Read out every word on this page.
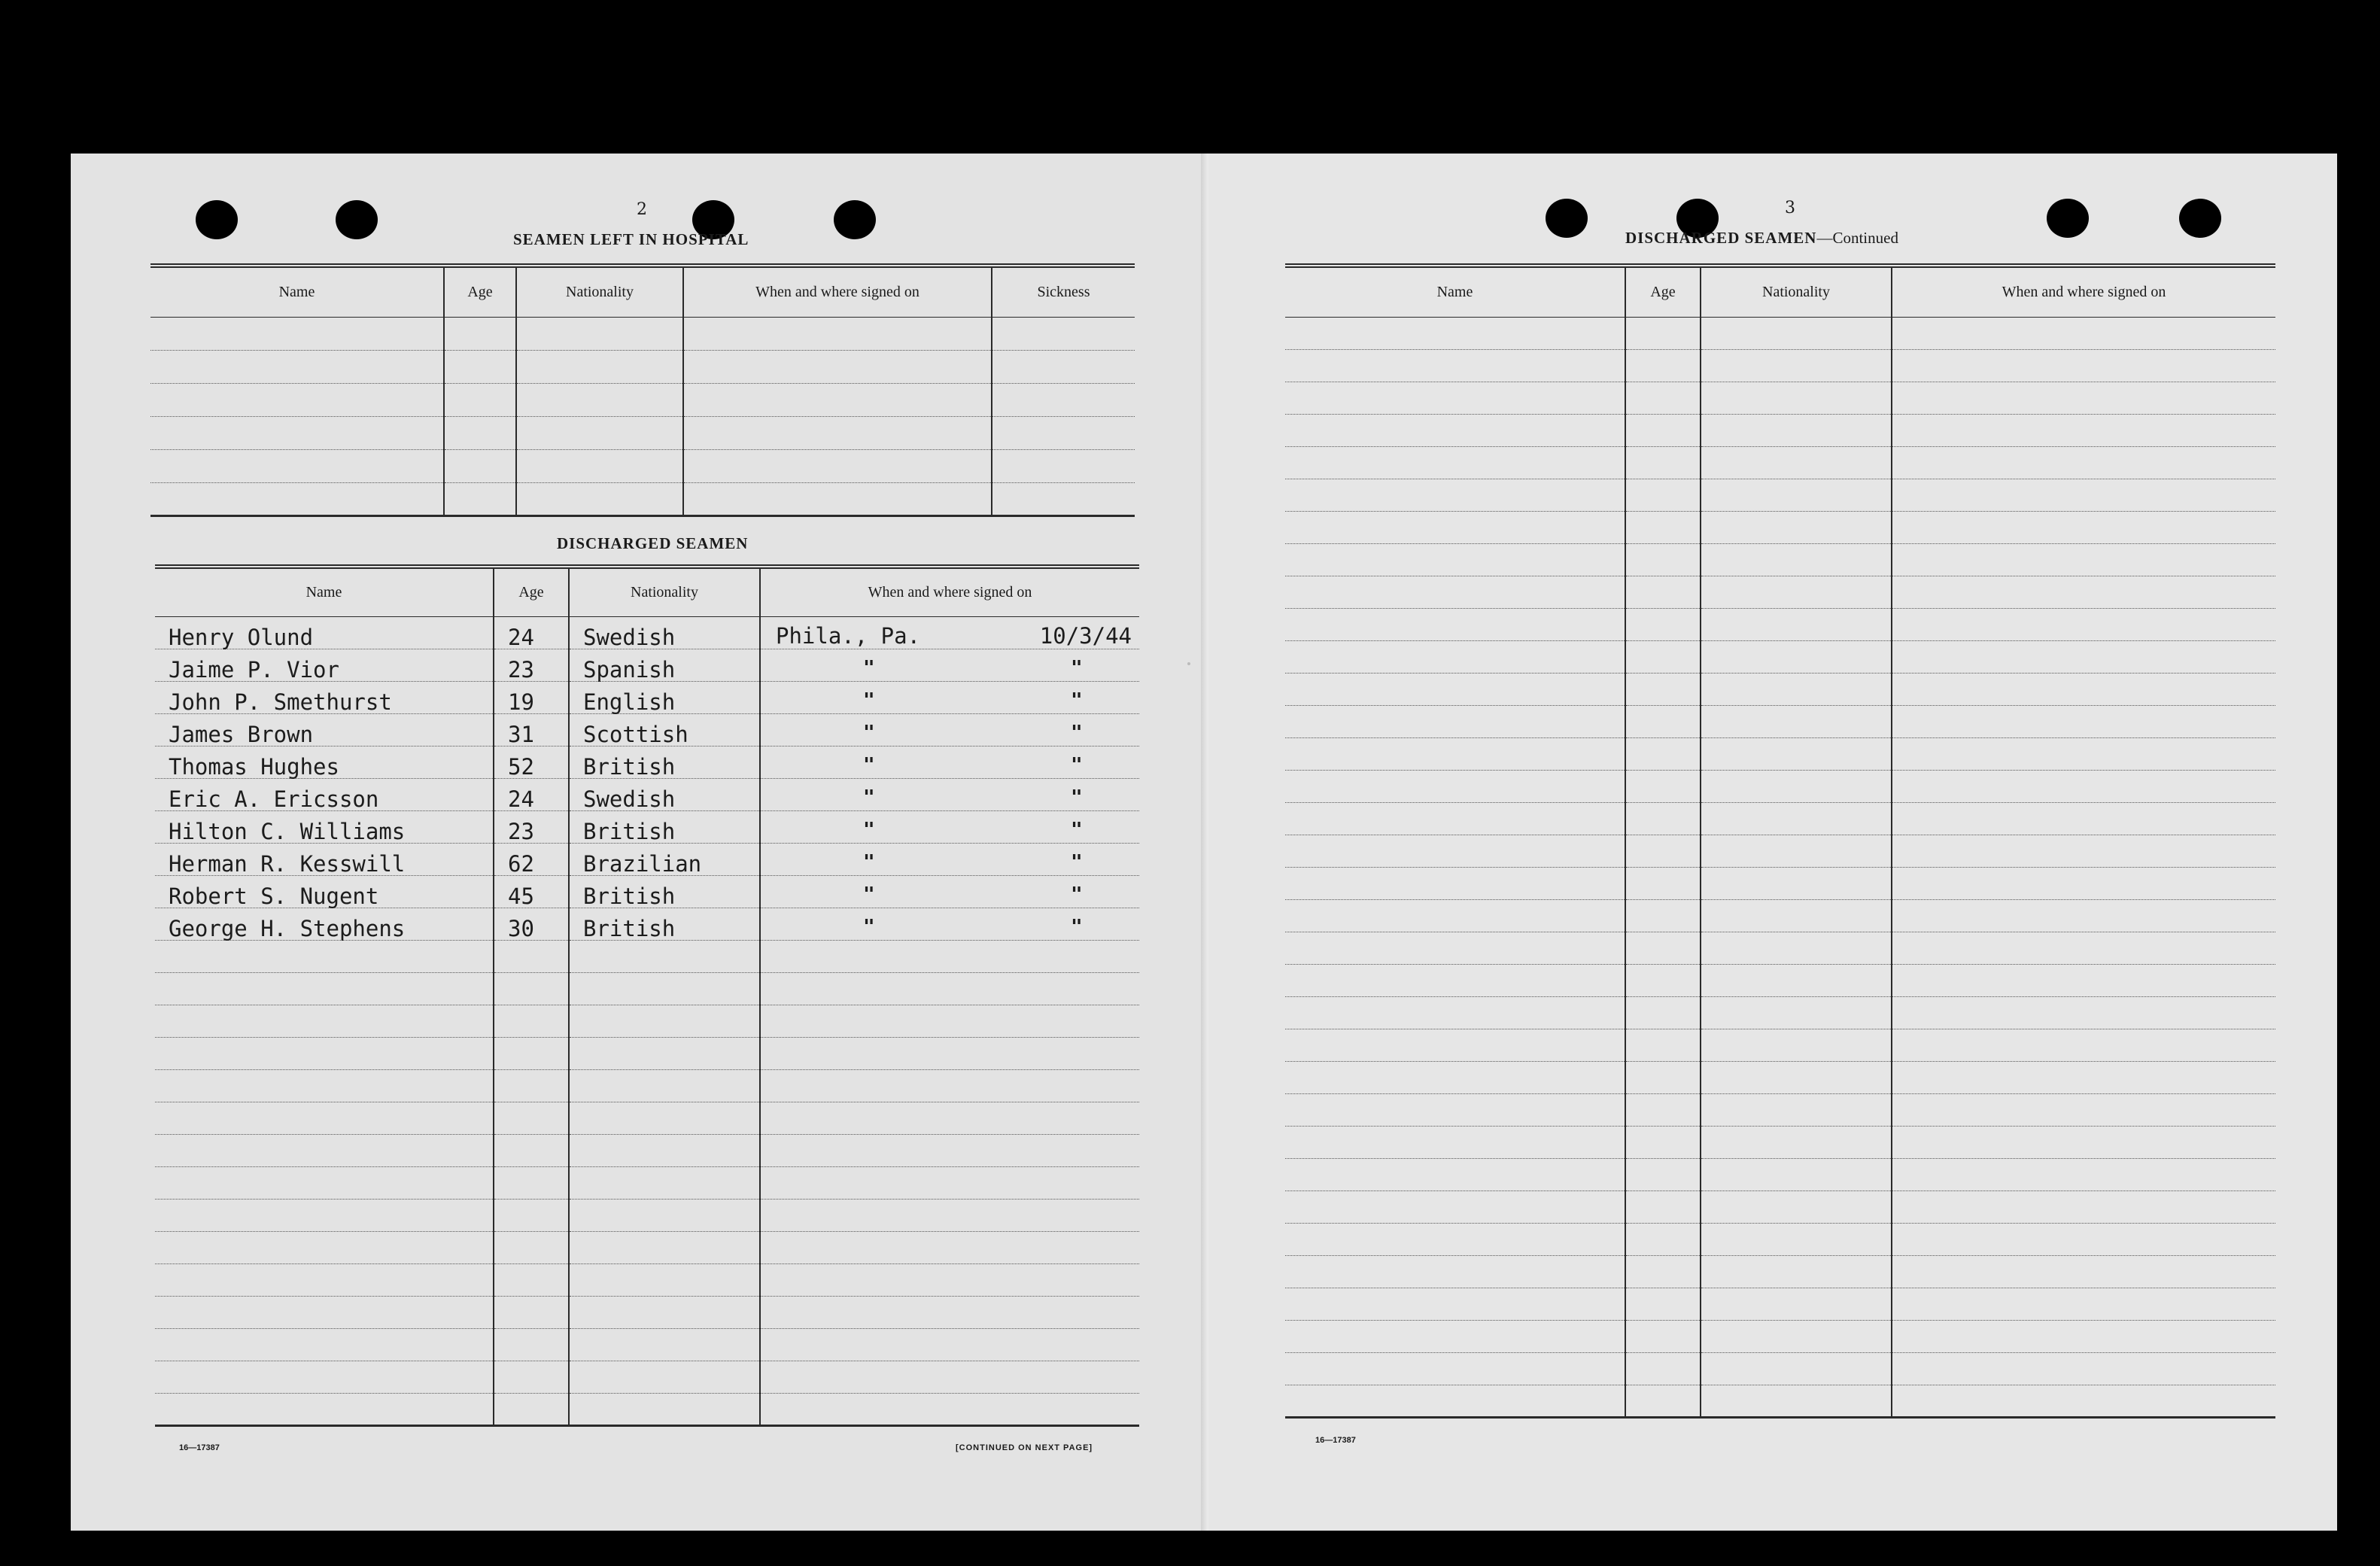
2
SEAMEN LEFT IN HOSPITAL
Name	Age	Nationality	When and where signed on	Sickness

DISCHARGED SEAMEN
Name	Age	Nationality	When and where signed on
Henry Olund	24	Swedish	Phila., Pa. 10/3/44

Jaime P. Vior	23	Spanish	" "

John P. Smethurst	19	English	" "

James Brown	31	Scottish	" "

Thomas Hughes	52	British	" "

Eric A. Ericsson	24	Swedish	" "

Hilton C. Williams	23	British	" "

Herman R. Kesswill	62	Brazilian	" "

Robert S. Nugent	45	British	" "

George H. Stephens	30	British	" "

16—17387	[CONTINUED ON NEXT PAGE]
3
DISCHARGED SEAMEN—Continued
Name	Age	Nationality	When and where signed on

16—17387
